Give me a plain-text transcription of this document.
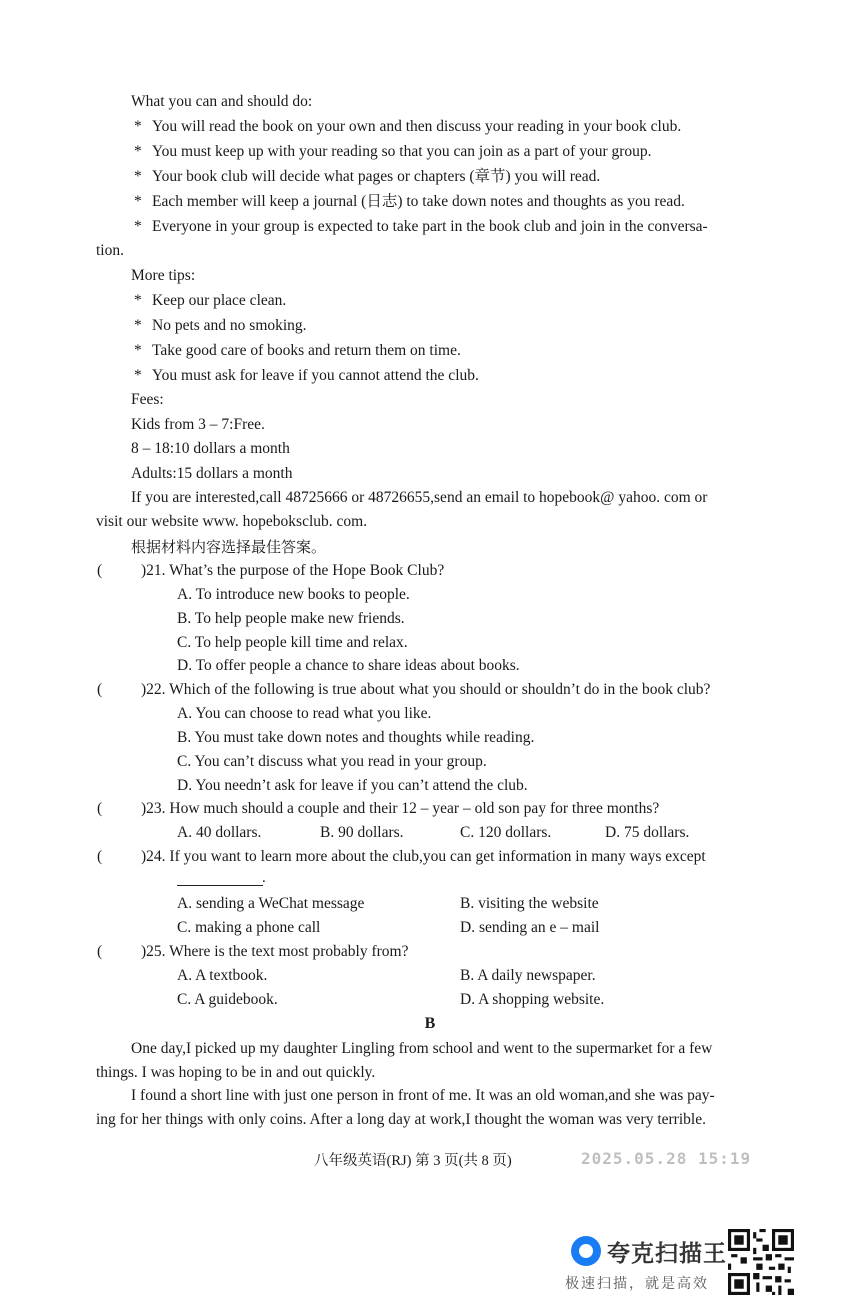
What you can and should do:
* You will read the book on your own and then discuss your reading in your book club.
* You must keep up with your reading so that you can join as a part of your group.
* Your book club will decide what pages or chapters (章节) you will read.
* Each member will keep a journal (日志) to take down notes and thoughts as you read.
* Everyone in your group is expected to take part in the book club and join in the conversa-
tion.
More tips:
* Keep our place clean.
* No pets and no smoking.
* Take good care of books and return them on time.
* You must ask for leave if you cannot attend the club.
Fees:
Kids from 3 – 7:Free.
8 – 18:10 dollars a month
Adults:15 dollars a month
If you are interested,call 48725666 or 48726655,send an email to hopebook@ yahoo. com or
visit our website www. hopeboksclub. com.
根据材料内容选择最佳答案。
(	)21. What’s the purpose of the Hope Book Club?
A. To introduce new books to people.
B. To help people make new friends.
C. To help people kill time and relax.
D. To offer people a chance to share ideas about books.
(	)22. Which of the following is true about what you should or shouldn’t do in the book club?
A. You can choose to read what you like.
B. You must take down notes and thoughts while reading.
C. You can’t discuss what you read in your group.
D. You needn’t ask for leave if you can’t attend the club.
(	)23. How much should a couple and their 12 – year – old son pay for three months?
A. 40 dollars.	B. 90 dollars.	C. 120 dollars.	D. 75 dollars.
(	)24. If you want to learn more about the club,you can get information in many ways except
.
A. sending a WeChat message	B. visiting the website
C. making a phone call	D. sending an e – mail
(	)25. Where is the text most probably from?
A. A textbook.	B. A daily newspaper.
C. A guidebook.	D. A shopping website.
B
One day,I picked up my daughter Lingling from school and went to the supermarket for a few
things. I was hoping to be in and out quickly.
I found a short line with just one person in front of me. It was an old woman,and she was pay-
ing for her things with only coins. After a long day at work,I thought the woman was very terrible.
八年级英语(RJ) 第 3 页(共 8 页)	2025.05.28 15:19
夸克扫描王
极速扫描，就是高效
